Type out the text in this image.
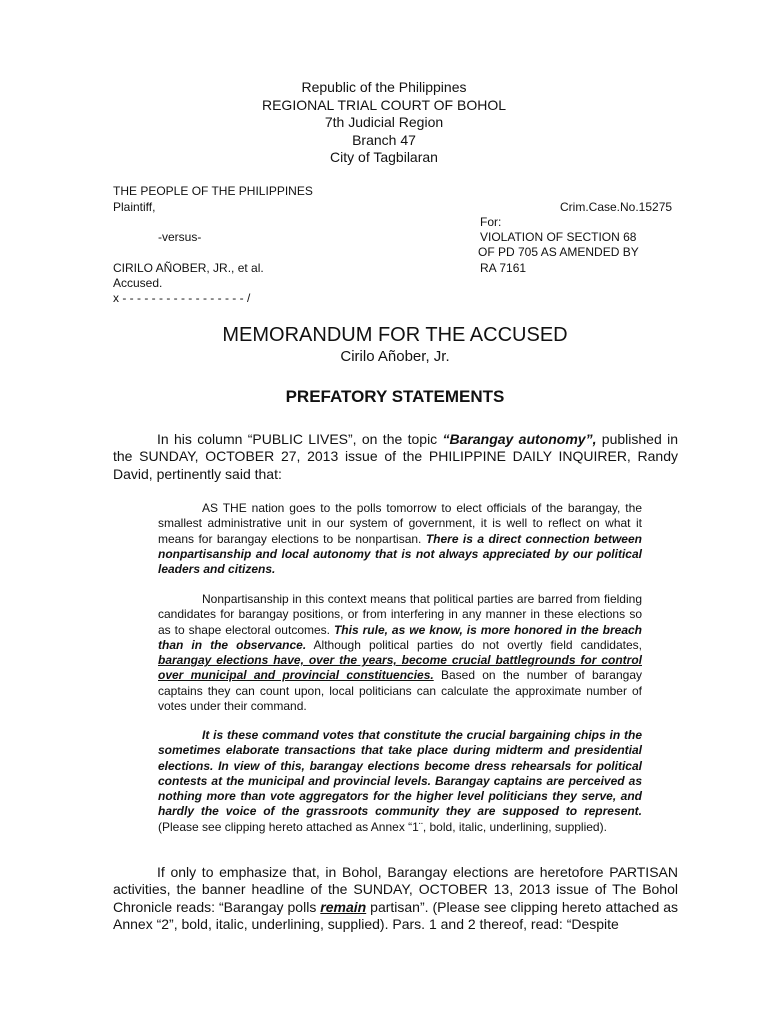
Republic of the Philippines
REGIONAL TRIAL COURT OF BOHOL
7th Judicial Region
Branch 47
City of Tagbilaran
THE PEOPLE OF THE PHILIPPINES
Plaintiff,	Crim.Case.No.15275
For:
-versus-	VIOLATION OF SECTION 68
OF PD 705 AS AMENDED BY
CIRILO AÑOBER, JR., et al.	RA 7161
Accused.
x - - - - - - - - - - - - - - - - - /
MEMORANDUM FOR THE ACCUSED
Cirilo Añober, Jr.
PREFATORY STATEMENTS
In his column “PUBLIC LIVES”, on the topic “Barangay autonomy”, published in the SUNDAY, OCTOBER 27, 2013 issue of the PHILIPPINE DAILY INQUIRER, Randy David, pertinently said that:
AS THE nation goes to the polls tomorrow to elect officials of the barangay, the smallest administrative unit in our system of government, it is well to reflect on what it means for barangay elections to be nonpartisan. There is a direct connection between nonpartisanship and local autonomy that is not always appreciated by our political leaders and citizens.
Nonpartisanship in this context means that political parties are barred from fielding candidates for barangay positions, or from interfering in any manner in these elections so as to shape electoral outcomes. This rule, as we know, is more honored in the breach than in the observance. Although political parties do not overtly field candidates, barangay elections have, over the years, become crucial battlegrounds for control over municipal and provincial constituencies. Based on the number of barangay captains they can count upon, local politicians can calculate the approximate number of votes under their command.
It is these command votes that constitute the crucial bargaining chips in the sometimes elaborate transactions that take place during midterm and presidential elections. In view of this, barangay elections become dress rehearsals for political contests at the municipal and provincial levels. Barangay captains are perceived as nothing more than vote aggregators for the higher level politicians they serve, and hardly the voice of the grassroots community they are supposed to represent. (Please see clipping hereto attached as Annex “1¨, bold, italic, underlining, supplied).
If only to emphasize that, in Bohol, Barangay elections are heretofore PARTISAN activities, the banner headline of the SUNDAY, OCTOBER 13, 2013 issue of The Bohol Chronicle reads: “Barangay polls remain partisan”. (Please see clipping hereto attached as Annex “2”, bold, italic, underlining, supplied). Pars. 1 and 2 thereof, read: “Despite
